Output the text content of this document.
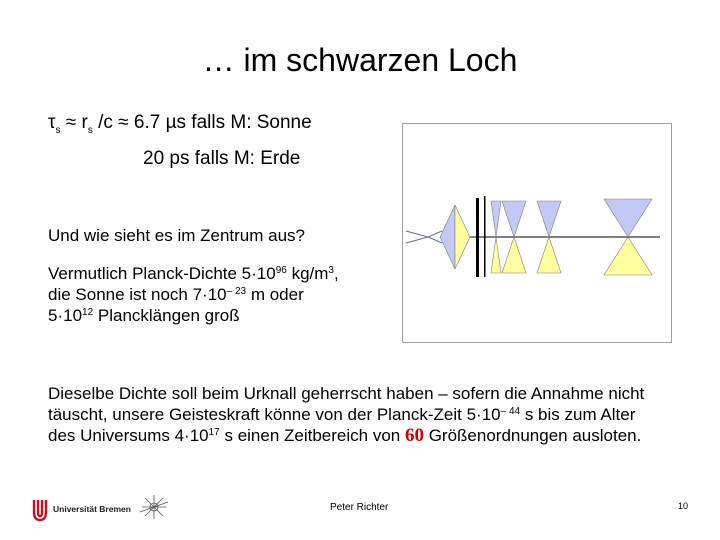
… im schwarzen Loch
$\tau_s \approx r_s$ /c ≈ 6.7 µs falls M: Sonne
20 ps falls M: Erde
Und wie sieht es im Zentrum aus?
Vermutlich Planck-Dichte $5\cdot 10^{96}$ $kg/m^3$,
die Sonne ist noch $7\cdot 10^{- 23}$ m oder
$5\cdot 10^{12}$ Plancklängen groß
Dieselbe Dichte soll beim Urknall geherrscht haben – sofern die Annahme nicht
täuscht, unsere Geisteskraft könne von der Planck-Zeit $5\cdot 10^{- 44}$ s bis zum Alter
des Universums $4\cdot 10^{17}$ s einen Zeitbereich von 60 Größenordnungen ausloten.
Universität Bremen	Peter Richter	10
